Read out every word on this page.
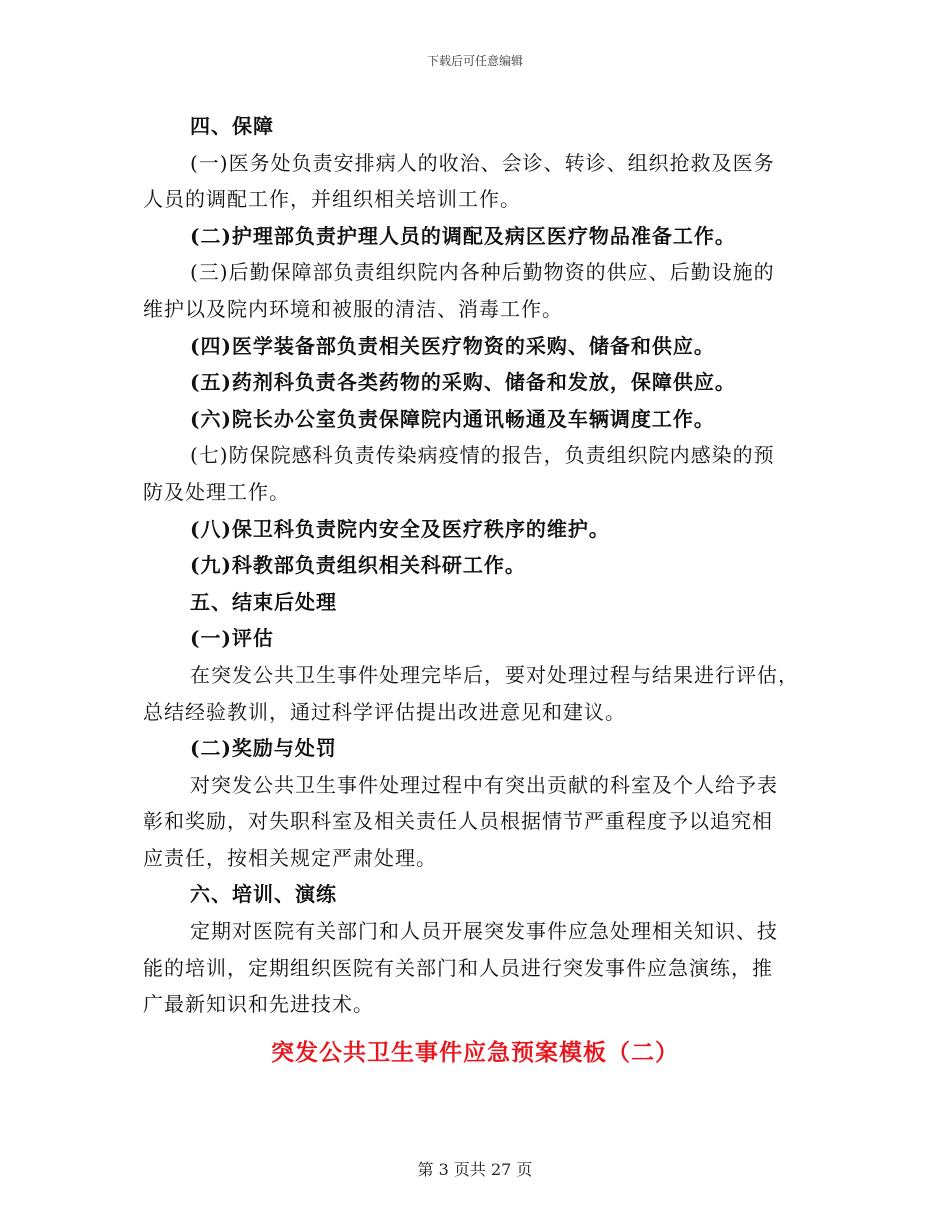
下载后可任意编辑
四、保障
(一)医务处负责安排病人的收治、会诊、转诊、组织抢救及医务
人员的调配工作，并组织相关培训工作。
(二)护理部负责护理人员的调配及病区医疗物品准备工作。
(三)后勤保障部负责组织院内各种后勤物资的供应、后勤设施的
维护以及院内环境和被服的清洁、消毒工作。
(四)医学装备部负责相关医疗物资的采购、储备和供应。
(五)药剂科负责各类药物的采购、储备和发放，保障供应。
(六)院长办公室负责保障院内通讯畅通及车辆调度工作。
(七)防保院感科负责传染病疫情的报告，负责组织院内感染的预
防及处理工作。
(八)保卫科负责院内安全及医疗秩序的维护。
(九)科教部负责组织相关科研工作。
五、结束后处理
(一)评估
在突发公共卫生事件处理完毕后，要对处理过程与结果进行评估，
总结经验教训，通过科学评估提出改进意见和建议。
(二)奖励与处罚
对突发公共卫生事件处理过程中有突出贡献的科室及个人给予表
彰和奖励，对失职科室及相关责任人员根据情节严重程度予以追究相
应责任，按相关规定严肃处理。
六、培训、演练
定期对医院有关部门和人员开展突发事件应急处理相关知识、技
能的培训，定期组织医院有关部门和人员进行突发事件应急演练，推
广最新知识和先进技术。
突发公共卫生事件应急预案模板（二）
第 3 页共 27 页
